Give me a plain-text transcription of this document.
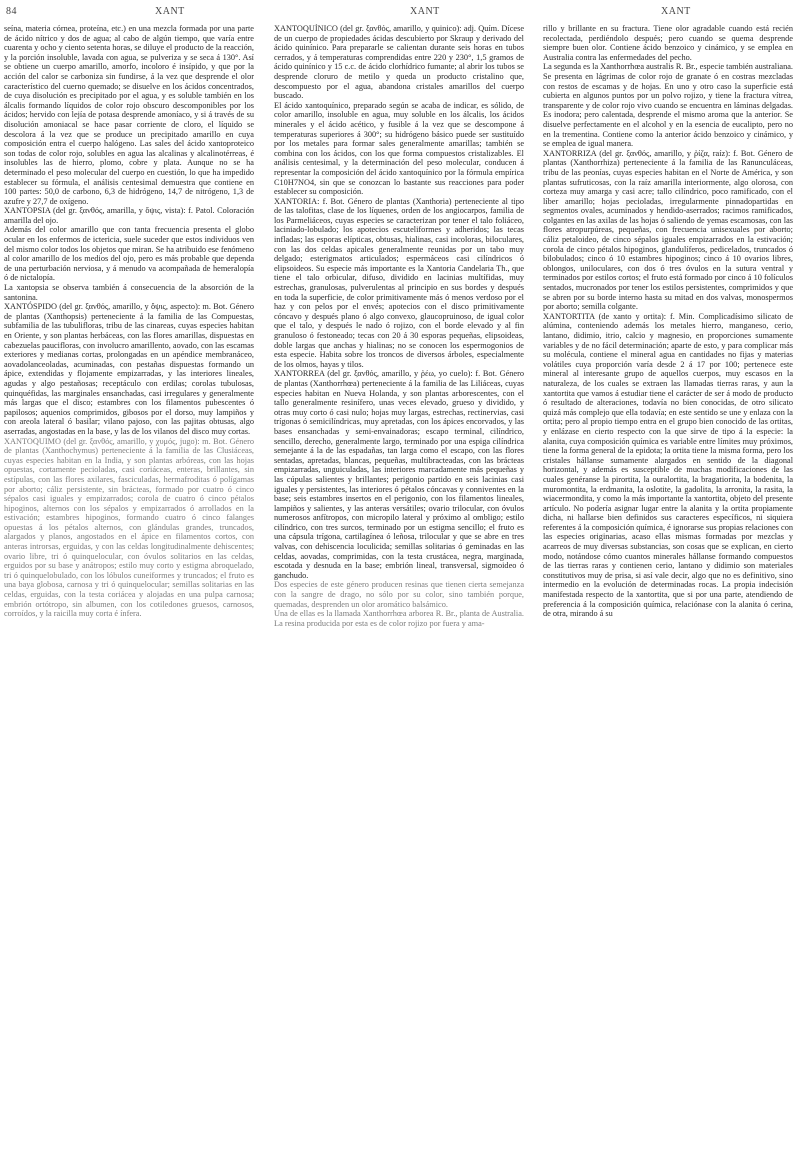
84	XANT	XANT	XANT

seína, materia córnea, proteína, etc.) en una mezcla formada por una parte de ácido nítrico y dos de agua; al cabo de algún tiempo, que varía entre cuarenta y ocho y ciento setenta horas, se diluye el producto de la reacción, y la porción insoluble, lavada con agua, se pulveriza y se seca á 130°. Así se obtiene un cuerpo amarillo, amorfo, incoloro é insípido, y que por la acción del calor se carboniza sin fundirse, á la vez que desprende el olor característico del cuerno quemado; se disuelve en los ácidos concentrados, de cuya disolución es precipitado por el agua, y es soluble también en los álcalis formando líquidos de color rojo obscuro descomponibles por los ácidos; hervido con lejía de potasa desprende amoníaco, y si á través de su disolución amoniacal se hace pasar corriente de cloro, el líquido se descolora á la vez que se produce un precipitado amarillo en cuya composición entra el cuerpo halógeno. Las sales del ácido xantoproteico son todas de color rojo, solubles en agua las alcalinas y alcalinotérreas, é insolubles las de hierro, plomo, cobre y plata. Aunque no se ha determinado el peso molecular del cuerpo en cuestión, lo que ha impedido establecer su fórmula, el análisis centesimal demuestra que contiene en 100 partes: 50,0 de carbono, 6,3 de hidrógeno, 14,7 de nitrógeno, 1,3 de azufre y 27,7 de oxígeno.

XANTOPSIA (del gr. ξανθός, amarilla, y ὄψις, vista): f. Patol. Coloración amarilla del ojo.

Además del color amarillo que con tanta frecuencia presenta el globo ocular en los enfermos de ictericia, suele suceder que estos individuos ven del mismo color todos los objetos que miran. Se ha atribuido ese fenómeno al color amarillo de los medios del ojo, pero es más probable que dependa de una perturbación nerviosa, y á menudo va acompañada de hemeralopía ó de nictalopía.

La xantopsia se observa también á consecuencia de la absorción de la santonina.

XANTÓSPIDO (del gr. ξανθός, amarillo, y ὄψις, aspecto): m. Bot. Género de plantas (Xanthopsis) perteneciente á la familia de las Compuestas, subfamilia de las tubulifloras, tribu de las cinareas, cuyas especies habitan en Oriente, y son plantas herbáceas, con las flores amarillas, dispuestas en cabezuelas paucifloras, con involucro amarillento, aovado, con las escamas exteriores y medianas cortas, prolongadas en un apéndice membranáceo, aovadolanceoladas, acuminadas, con pestañas dispuestas formando un ápice, extendidas y flojamente empizarradas, y las interiores lineales, agudas y algo pestañosas; receptáculo con erdilas; corolas tubulosas, quinquéfidas, las marginales ensanchadas, casi irregulares y generalmente más largas que el disco; estambres con los filamentos pubescentes ó papilosos; aquenios comprimidos, gibosos por el dorso, muy lampiños y con areola lateral ó basilar; vilano pajoso, con las pajitas obtusas, algo aserradas, angostadas en la base, y las de los vilanos del disco muy cortas.

XANTOQUIMO (del gr. ξανθός, amarillo, y χυμός, jugo): m. Bot. Género de plantas (Xanthochymus) perteneciente á la familia de las Clusiáceas, cuyas especies habitan en la India, y son plantas arbóreas, con las hojas opuestas, cortamente pecioladas, casi coriáceas, enteras, brillantes, sin estípulas, con las flores axilares, fasciculadas, hermafroditas ó polígamas por aborto; cáliz persistente, sin brácteas, formado por cuatro ó cinco sépalos casi iguales y empizarrados; corola de cuatro ó cinco pétalos hipoginos, alternos con los sépalos y empizarrados ó arrollados en la estivación; estambres hipoginos, formando cuatro ó cinco falanges opuestas á los pétalos alternos, con glándulas grandes, truncados, alargados y planos, angostados en el ápice en filamentos cortos, con anteras introrsas, erguidas, y con las celdas longitudinalmente dehiscentes; ovario libre, tri ó quinquelocular, con óvulos solitarios en las celdas, erguidos por su base y anátropos; estilo muy corto y estigma abroquelado, tri ó quinquelobulado, con los lóbulos cuneiformes y truncados; el fruto es una baya globosa, carnosa y tri ó quinquelocular; semillas solitarias en las celdas, erguidas, con la testa coriácea y alojadas en una pulpa carnosa; embrión ortótropo, sin albumen, con los cotiledones gruesos, carnosos, corroídos, y la raicilla muy corta é ínfera.

XANTOQUÍNICO (del gr. ξανθός, amarillo, y quinico): adj. Quím. Dícese de un cuerpo de propiedades ácidas descubierto por Skraup y derivado del ácido quinínico. Para prepararle se calientan durante seis horas en tubos cerrados, y á temperaturas comprendidas entre 220 y 230°, 1,5 gramos de ácido quinínico y 15 c.c. de ácido clorhídrico fumante; al abrir los tubos se desprende cloruro de metilo y queda un producto cristalino que, descompuesto por el agua, abandona cristales amarillos del cuerpo buscado.

El ácido xantoquínico, preparado según se acaba de indicar, es sólido, de color amarillo, insoluble en agua, muy soluble en los álcalis, los ácidos minerales y el ácido acético, y fusible á la vez que se descompone á temperaturas superiores á 300°; su hidrógeno básico puede ser sustituído por los metales para formar sales generalmente amarillas; también se combina con los ácidos, con los que forma compuestos cristalizables. El análisis centesimal, y la determinación del peso molecular, conducen á representar la composición del ácido xantoquínico por la fórmula empírica C10H7NO4, sin que se conozcan lo bastante sus reacciones para poder establecer su composición.

XANTORIA: f. Bot. Género de plantas (Xanthoria) perteneciente al tipo de las talofitas, clase de los líquenes, orden de los angiocarpos, familia de los Parmeliáceos, cuyas especies se caracterizan por tener el talo foliáceo, laciniado-lobulado; los apotecios escuteliformes y adheridos; las tecas infladas; las esporas elípticas, obtusas, hialinas, casi incoloras, biloculares, con las dos celdas apicales generalmente reunidas por un tabo muy delgado; esterigmatos articulados; espermáceos casi cilíndricos ó elipsoideos. Su especie más importante es la Xantoria Candelaria Th., que tiene el talo orbicular, difuso, dividido en lacinias multífidas, muy estrechas, granulosas, pulverulentas al principio en sus bordes y después en toda la superficie, de color primitivamente más ó menos verdoso por el haz y con pelos por el envés; apotecios con el disco primitivamente cóncavo y después plano ó algo convexo, glaucopruinoso, de igual color que el talo, y después le nado ó rojizo, con el borde elevado y al fin granuloso ó festoneado; tecas con 20 á 30 esporas pequeñas, elipsoideas, doble largas que anchas y hialinas; no se conocen los espermogonios de esta especie. Habita sobre los troncos de diversos árboles, especialmente de los olmos, hayas y tilos.

XANTORREA (del gr. ξανθός, amarillo, y ῥέω, yo cuelo): f. Bot. Género de plantas (Xanthorrhœa) perteneciente á la familia de las Liliáceas, cuyas especies habitan en Nueva Holanda, y son plantas arborescentes, con el tallo generalmente resinífero, unas veces elevado, grueso y dividido, y otras muy corto ó casi nulo; hojas muy largas, estrechas, rectinervias, casi trígonas ó semicilíndricas, muy apretadas, con los ápices encorvados, y las bases ensanchadas y semi-envainadoras; escapo terminal, cilíndrico, sencillo, derecho, generalmente largo, terminado por una espiga cilíndrica semejante á la de las espadañas, tan larga como el escapo, con las flores sentadas, apretadas, blancas, pequeñas, multibracteadas, con las brácteas empizarradas, unguiculadas, las interiores marcadamente más pequeñas y las cúpulas salientes y brillantes; perigonio partido en seis lacinias casi iguales y persistentes, las interiores ó pétalos cóncavas y conniventes en la base; seis estambres insertos en el perigonio, con los filamentos lineales, lampiños y salientes, y las anteras versátiles; ovario trilocular, con óvulos numerosos anfítropos, con micropilo lateral y próximo al ombligo; estilo cilíndrico, con tres surcos, terminado por un estigma sencillo; el fruto es una cápsula trígona, cartilagínea ó leñosa, trilocular y que se abre en tres valvas, con dehiscencia loculicida; semillas solitarias ó geminadas en las celdas, aovadas, comprimidas, con la testa crustácea, negra, marginada, escotada y desnuda en la base; embrión lineal, transversal, sigmoideo ó ganchudo.

Dos especies de este género producen resinas que tienen cierta semejanza con la sangre de drago, no sólo por su color, sino también porque, quemadas, desprenden un olor aromático balsámico.

Una de ellas es la llamada Xanthorrhœa arborea R. Br., planta de Australia. La resina producida por esta es de color rojizo por fuera y ama-

rillo y brillante en su fractura. Tiene olor agradable cuando está recién recolectada, perdiéndolo después; pero cuando se quema desprende siempre buen olor. Contiene ácido benzoico y cinámico, y se emplea en Australia contra las enfermedades del pecho.

La segunda es la Xanthorrhœa australis R. Br., especie también australiana. Se presenta en lágrimas de color rojo de granate ó en costras mezcladas con restos de escamas y de hojas. En uno y otro caso la superficie está cubierta en algunos puntos por un polvo rojizo, y tiene la fractura vítrea, transparente y de color rojo vivo cuando se encuentra en láminas delgadas. Es inodora; pero calentada, desprende el mismo aroma que la anterior. Se disuelve perfectamente en el alcohol y en la esencia de eucalipto, pero no en la trementina. Contiene como la anterior ácido benzoico y cinámico, y se emplea de igual manera.

XANTORRIZA (del gr. ξανθός, amarillo, y ῥίζα, raíz): f. Bot. Género de plantas (Xanthorrhiza) perteneciente á la familia de las Ranunculáceas, tribu de las peonías, cuyas especies habitan en el Norte de América, y son plantas sufruticosas, con la raíz amarilla interiormente, algo olorosa, con corteza muy amarga y casi acre; tallo cilíndrico, poco ramificado, con el líber amarillo; hojas pecioladas, irregularmente pinnadopartidas en segmentos ovales, acuminados y hendido-aserrados; racimos ramificados, colgantes en las axilas de las hojas ó saliendo de yemas escamosas, con las flores atropurpúreas, pequeñas, con frecuencia unisexuales por aborto; cáliz petaloideo, de cinco sépalos iguales empizarrados en la estivación; corola de cinco pétalos hipoginos, glandulíferos, pedicelados, truncados ó bilobulados; cinco ó 10 estambres hipoginos; cinco á 10 ovarios libres, oblongos, uniloculares, con dos ó tres óvulos en la sutura ventral y terminados por estilos cortos; el fruto está formado por cinco á 10 folículos sentados, mucronados por tener los estilos persistentes, comprimidos y que se abren por su borde interno hasta su mitad en dos valvas, monospermos por aborto; semilla colgante.

XANTORTITA (de xanto y ortita): f. Min. Complicadísimo silicato de alúmina, conteniendo además los metales hierro, manganeso, cerio, lantano, didimio, itrio, calcio y magnesio, en proporciones sumamente variables y de no fácil determinación; aparte de esto, y para complicar más su molécula, contiene el mineral agua en cantidades no fijas y materias volátiles cuya proporción varía desde 2 á 17 por 100; pertenece este mineral al interesante grupo de aquellos cuerpos, muy escasos en la naturaleza, de los cuales se extraen las llamadas tierras raras, y aun la xantortita que vamos á estudiar tiene el carácter de ser á modo de producto ó resultado de alteraciones, todavía no bien conocidas, de otro silicato quizá más complejo que ella todavía; en este sentido se une y enlaza con la ortita; pero al propio tiempo entra en el grupo bien conocido de las ortitas, y enlázase en cierto respecto con la que sirve de tipo á la especie: la alanita, cuya composición química es variable entre límites muy próximos, tiene la forma general de la epidota; la ortita tiene la misma forma, pero los cristales hállanse sumamente alargados en sentido de la diagonal horizontal, y además es susceptible de muchas modificaciones de las cuales genéranse la pirortita, la ouralortita, la bragatiorita, la bodenita, la muromontita, la erdmanita, la oslotite, la gadolita, la arronita, la rasita, la wiacermondita, y como la más importante la xantortita, objeto del presente artículo. No podería asignar lugar entre la alanita y la ortita propiamente dicha, ni hallarse bien definidos sus caracteres específicos, ni siquiera referentes á la composición química, é ignorarse sus propias relaciones con las especies originarias, acaso ellas mismas formadas por mezclas y acarreos de muy diversas substancias, son cosas que se explican, en cierto modo, notándose cómo cuantos minerales hállanse formando compuestos de las tierras raras y contienen cerio, lantano y didimio son materiales constitutivos muy de prisa, si así vale decir, algo que no es definitivo, sino intermedio en la evolución de determinadas rocas. La propia indecisión manifestada respecto de la xantortita, que si por una parte, atendiendo de preferencia á la composición química, relaciónase con la alanita ó cerina, de otra, mirando á su
